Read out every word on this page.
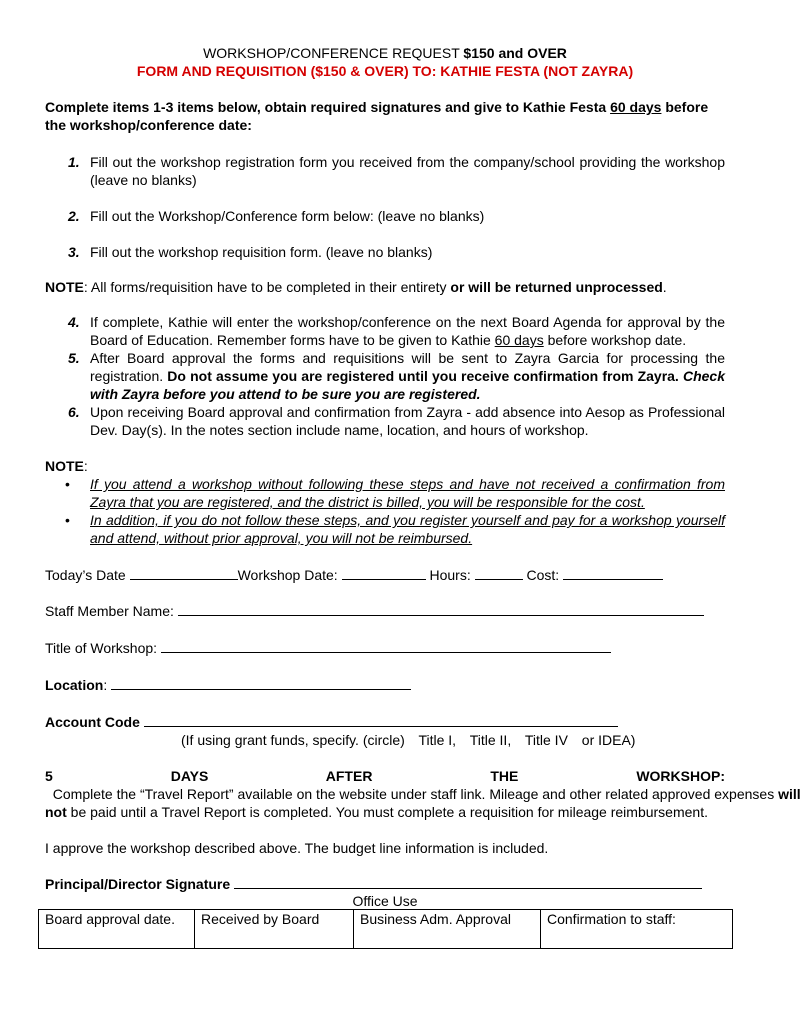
WORKSHOP/CONFERENCE REQUEST $150 and OVER
FORM AND REQUISITION ($150 & OVER) TO: KATHIE FESTA (NOT ZAYRA)
Complete items 1-3 items below, obtain required signatures and give to Kathie Festa 60 days before the workshop/conference date:
1. Fill out the workshop registration form you received from the company/school providing the workshop (leave no blanks)
2. Fill out the Workshop/Conference form below: (leave no blanks)
3. Fill out the workshop requisition form. (leave no blanks)
NOTE: All forms/requisition have to be completed in their entirety or will be returned unprocessed.
4. If complete, Kathie will enter the workshop/conference on the next Board Agenda for approval by the Board of Education. Remember forms have to be given to Kathie 60 days before workshop date.
5. After Board approval the forms and requisitions will be sent to Zayra Garcia for processing the registration. Do not assume you are registered until you receive confirmation from Zayra. Check with Zayra before you attend to be sure you are registered.
6. Upon receiving Board approval and confirmation from Zayra - add absence into Aesop as Professional Dev. Day(s). In the notes section include name, location, and hours of workshop.
NOTE:
• If you attend a workshop without following these steps and have not received a confirmation from Zayra that you are registered, and the district is billed, you will be responsible for the cost.
• In addition, if you do not follow these steps, and you register yourself and pay for a workshop yourself and attend, without prior approval, you will not be reimbursed.
Today’s Date	Workshop Date:	Hours:	Cost:
Staff Member Name:
Title of Workshop:
Location:
Account Code
(If using grant funds, specify. (circle) Title I, Title II, Title IV or IDEA)
5 DAYS AFTER THE WORKSHOP:  Complete the “Travel Report” available on the website under staff link. Mileage and other related approved expenses will not be paid until a Travel Report is completed. You must complete a requisition for mileage reimbursement.
I approve the workshop described above. The budget line information is included.
Principal/Director Signature
Office Use
Board approval date.	Received by Board	Business Adm. Approval	Confirmation to staff:
